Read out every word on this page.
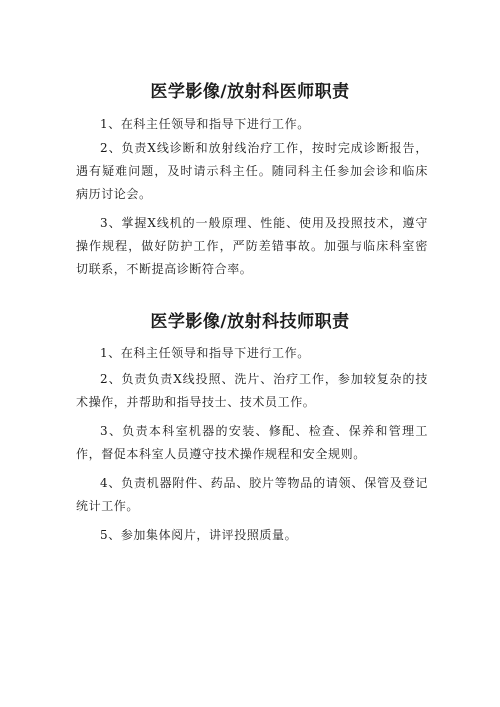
医学影像/放射科医师职责
1、在科主任领导和指导下进行工作。
2、负责X线诊断和放射线治疗工作，按时完成诊断报告，遇有疑难问题，及时请示科主任。随同科主任参加会诊和临床病历讨论会。
3、掌握X线机的一般原理、性能、使用及投照技术，遵守操作规程，做好防护工作，严防差错事故。加强与临床科室密切联系，不断提高诊断符合率。
医学影像/放射科技师职责
1、在科主任领导和指导下进行工作。
2、负责负责X线投照、洗片、治疗工作，参加较复杂的技术操作，并帮助和指导技士、技术员工作。
3、负责本科室机器的安装、修配、检查、保养和管理工作，督促本科室人员遵守技术操作规程和安全规则。
4、负责机器附件、药品、胶片等物品的请领、保管及登记统计工作。
5、参加集体阅片，讲评投照质量。
